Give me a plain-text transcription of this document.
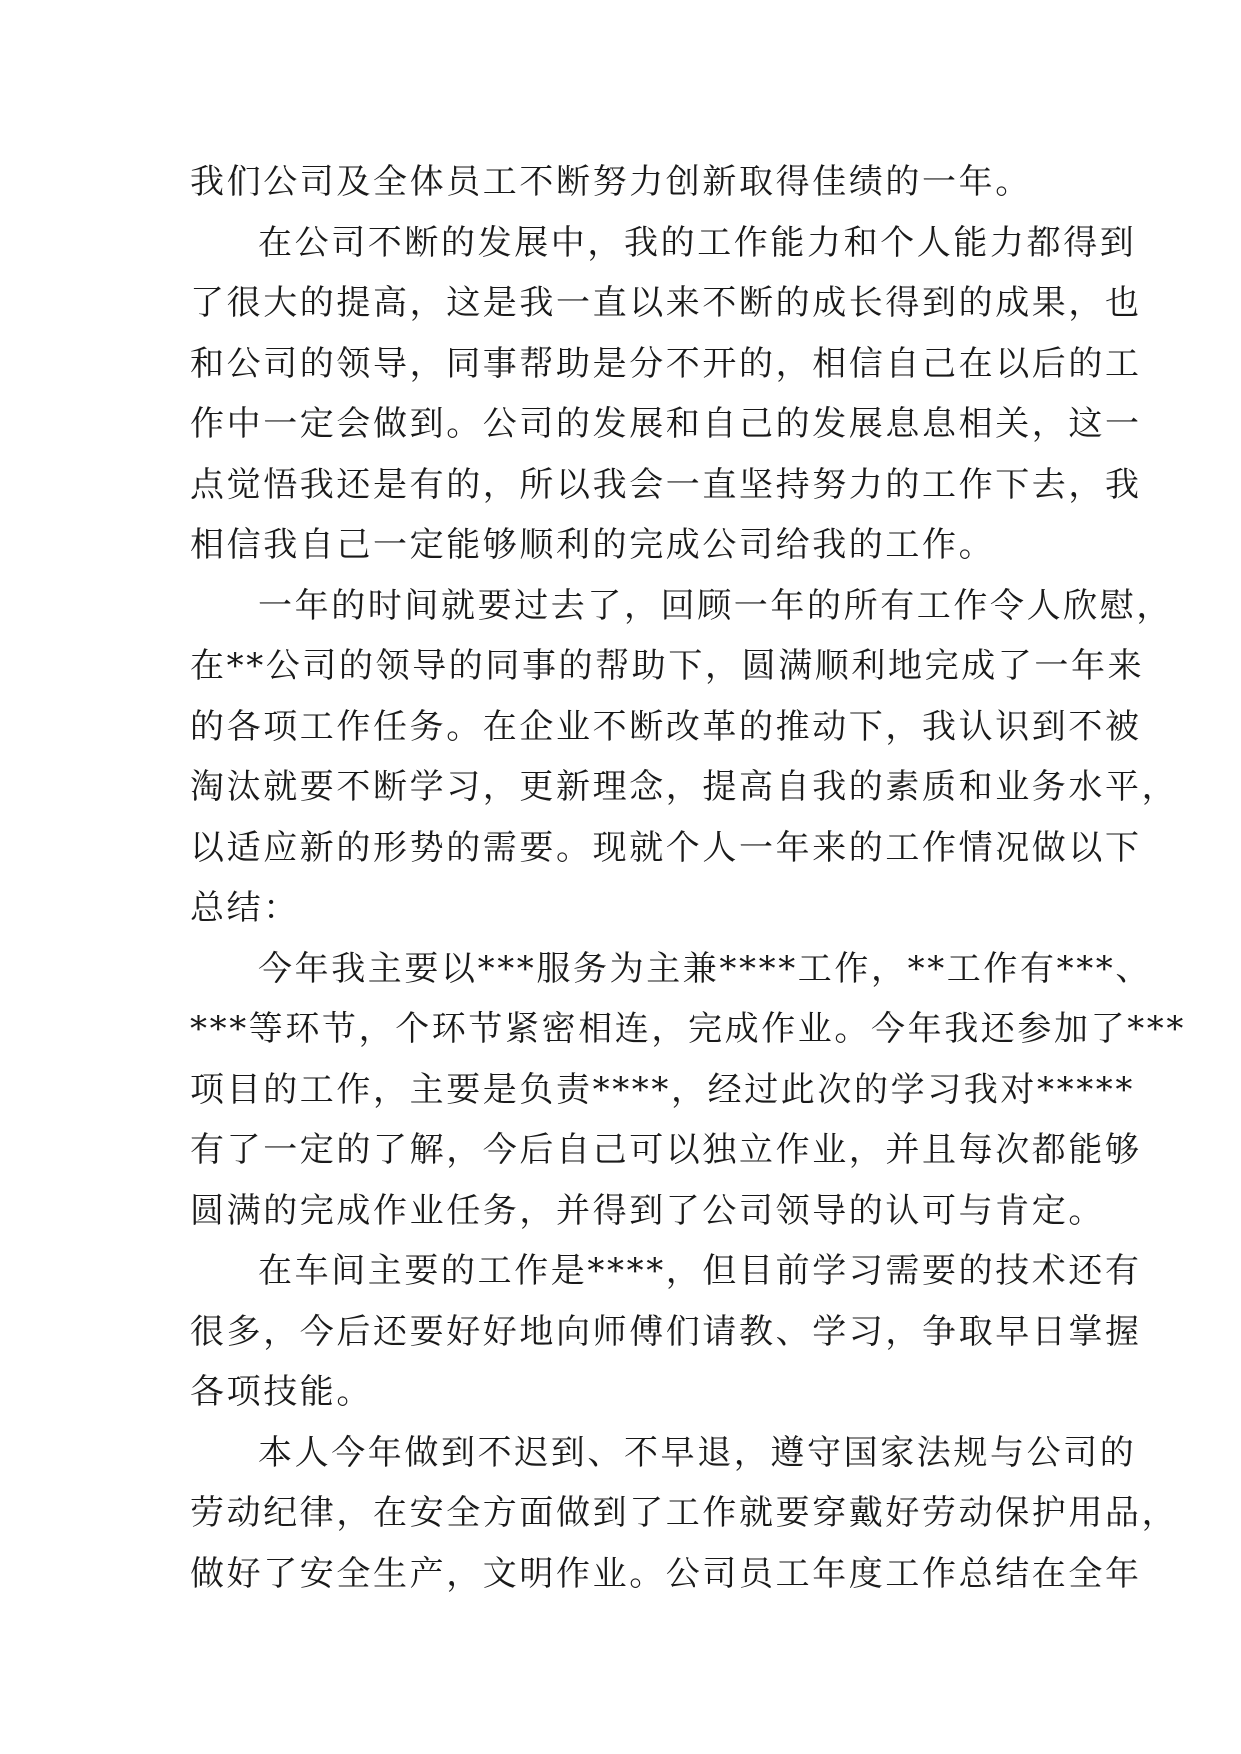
我们公司及全体员工不断努力创新取得佳绩的一年。
在公司不断的发展中，我的工作能力和个人能力都得到
了很大的提高，这是我一直以来不断的成长得到的成果，也
和公司的领导，同事帮助是分不开的，相信自己在以后的工
作中一定会做到。公司的发展和自己的发展息息相关，这一
点觉悟我还是有的，所以我会一直坚持努力的工作下去，我
相信我自己一定能够顺利的完成公司给我的工作。
一年的时间就要过去了，回顾一年的所有工作令人欣慰，
在**公司的领导的同事的帮助下，圆满顺利地完成了一年来
的各项工作任务。在企业不断改革的推动下，我认识到不被
淘汰就要不断学习，更新理念，提高自我的素质和业务水平，
以适应新的形势的需要。现就个人一年来的工作情况做以下
总结：
今年我主要以***服务为主兼****工作，**工作有***、
***等环节，个环节紧密相连，完成作业。今年我还参加了***
项目的工作，主要是负责****，经过此次的学习我对*****
有了一定的了解，今后自己可以独立作业，并且每次都能够
圆满的完成作业任务，并得到了公司领导的认可与肯定。
在车间主要的工作是****，但目前学习需要的技术还有
很多，今后还要好好地向师傅们请教、学习，争取早日掌握
各项技能。
本人今年做到不迟到、不早退，遵守国家法规与公司的
劳动纪律，在安全方面做到了工作就要穿戴好劳动保护用品，
做好了安全生产，文明作业。公司员工年度工作总结在全年
